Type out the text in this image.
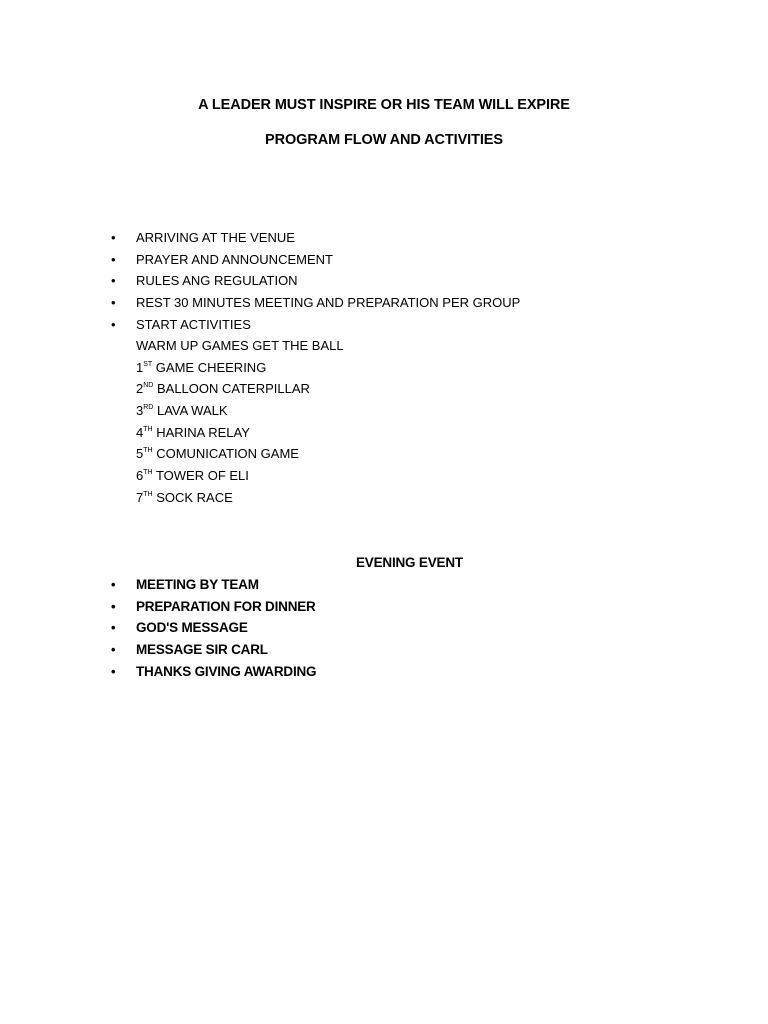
A LEADER MUST INSPIRE OR HIS TEAM WILL EXPIRE
PROGRAM FLOW AND ACTIVITIES
•	ARRIVING AT THE VENUE
•	PRAYER AND ANNOUNCEMENT
•	RULES ANG REGULATION
•	REST 30 MINUTES MEETING AND PREPARATION PER GROUP
•	START ACTIVITIES
WARM UP GAMES GET THE BALL
1ST GAME CHEERING
2ND BALLOON CATERPILLAR
3RD LAVA WALK
4TH HARINA RELAY
5TH COMUNICATION GAME
6TH TOWER OF ELI
7TH SOCK RACE
EVENING EVENT
•	MEETING BY TEAM
•	PREPARATION FOR DINNER
•	GOD'S MESSAGE
•	MESSAGE SIR CARL
•	THANKS GIVING AWARDING
